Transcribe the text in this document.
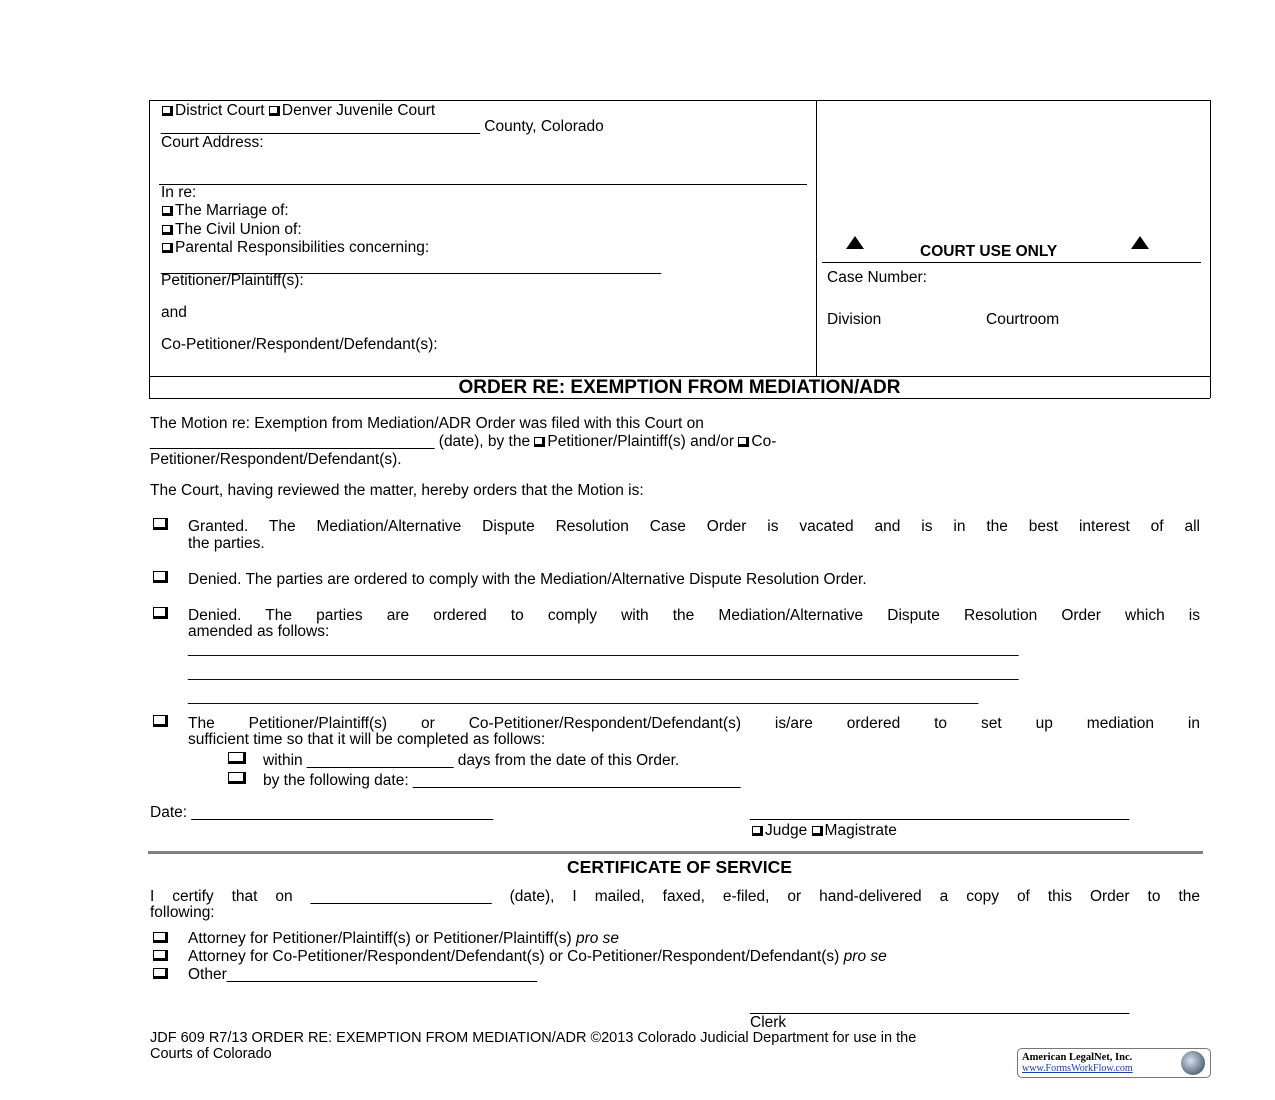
District Court Denver Juvenile Court
_____________________________________ County, Colorado
Court Address:
In re:
The Marriage of:
The Civil Union of:
Parental Responsibilities concerning:
__________________________________________________________
Petitioner/Plaintiff(s):
and
Co-Petitioner/Respondent/Defendant(s):
COURT USE ONLY
Case Number:
Division	Courtroom
ORDER RE: EXEMPTION FROM MEDIATION/ADR
The Motion re: Exemption from Mediation/ADR Order was filed with this Court on
_________________________________ (date), by the Petitioner/Plaintiff(s) and/or Co-
Petitioner/Respondent/Defendant(s).
The Court, having reviewed the matter, hereby orders that the Motion is:
Granted. The Mediation/Alternative Dispute Resolution Case Order is vacated and is in the best interest of all
the parties.
Denied. The parties are ordered to comply with the Mediation/Alternative Dispute Resolution Order.
Denied. The parties are ordered to comply with the Mediation/Alternative Dispute Resolution Order which is
amended as follows:
_______________________________________________________________________________________________________
_______________________________________________________________________________________________________
__________________________________________________________________________________________________
The Petitioner/Plaintiff(s) or Co-Petitioner/Respondent/Defendant(s) is/are ordered to set up mediation in
sufficient time so that it will be completed as follows:
within _________________ days from the date of this Order.
by the following date: ______________________________________
Date: ___________________________________	____________________________________________
Judge Magistrate
CERTIFICATE OF SERVICE
I certify that on _____________________ (date), I mailed, faxed, e-filed, or hand-delivered a copy of this Order to the
following:
Attorney for Petitioner/Plaintiff(s) or Petitioner/Plaintiff(s) pro se
Attorney for Co-Petitioner/Respondent/Defendant(s) or Co-Petitioner/Respondent/Defendant(s) pro se
Other____________________________________
____________________________________________
Clerk
JDF 609 R7/13 ORDER RE: EXEMPTION FROM MEDIATION/ADR ©2013 Colorado Judicial Department for use in the
Courts of Colorado	American LegalNet, Inc.
www.FormsWorkFlow.com
